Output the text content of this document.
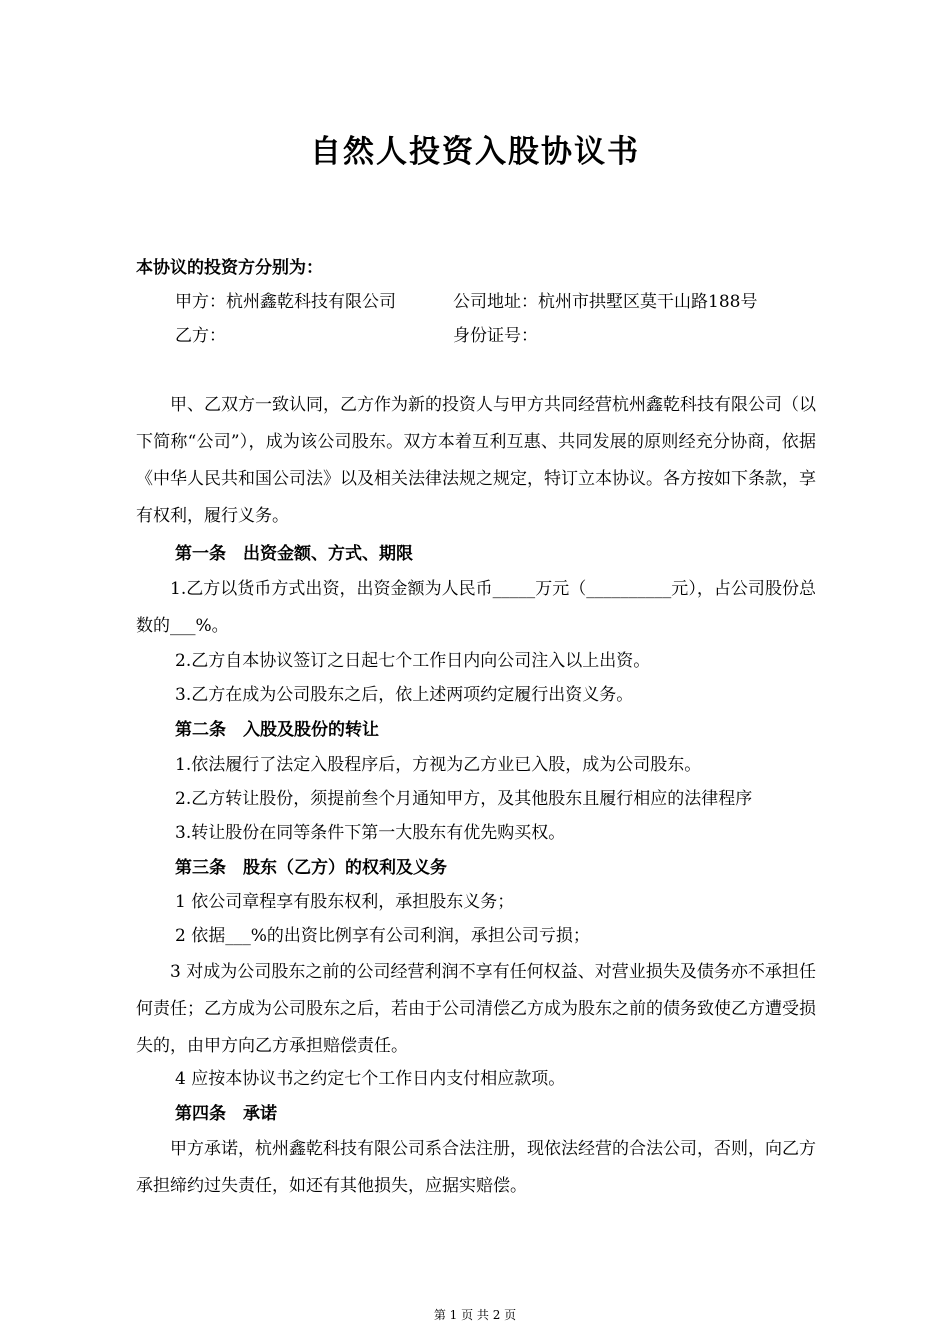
自然人投资入股协议书
本协议的投资方分别为：
甲方：杭州鑫乾科技有限公司	公司地址：杭州市拱墅区莫干山路188号
乙方：	身份证号：
甲、乙双方一致认同，乙方作为新的投资人与甲方共同经营杭州鑫乾科技有限公司（以下简称“公司”），成为该公司股东。双方本着互利互惠、共同发展的原则经充分协商，依据《中华人民共和国公司法》以及相关法律法规之规定，特订立本协议。各方按如下条款，享有权利，履行义务。
第一条　出资金额、方式、期限
1.乙方以货币方式出资，出资金额为人民币_____万元（__________元），占公司股份总数的___%。
2.乙方自本协议签订之日起七个工作日内向公司注入以上出资。
3.乙方在成为公司股东之后，依上述两项约定履行出资义务。
第二条　入股及股份的转让
1.依法履行了法定入股程序后，方视为乙方业已入股，成为公司股东。
2.乙方转让股份，须提前叁个月通知甲方，及其他股东且履行相应的法律程序
3.转让股份在同等条件下第一大股东有优先购买权。
第三条　股东（乙方）的权利及义务
1 依公司章程享有股东权利，承担股东义务；
2 依据___%的出资比例享有公司利润，承担公司亏损；
3 对成为公司股东之前的公司经营利润不享有任何权益、对营业损失及债务亦不承担任何责任；乙方成为公司股东之后，若由于公司清偿乙方成为股东之前的债务致使乙方遭受损失的，由甲方向乙方承担赔偿责任。
4 应按本协议书之约定七个工作日内支付相应款项。
第四条　承诺
甲方承诺，杭州鑫乾科技有限公司系合法注册，现依法经营的合法公司，否则，向乙方承担缔约过失责任，如还有其他损失，应据实赔偿。
第 1 页 共 2 页
